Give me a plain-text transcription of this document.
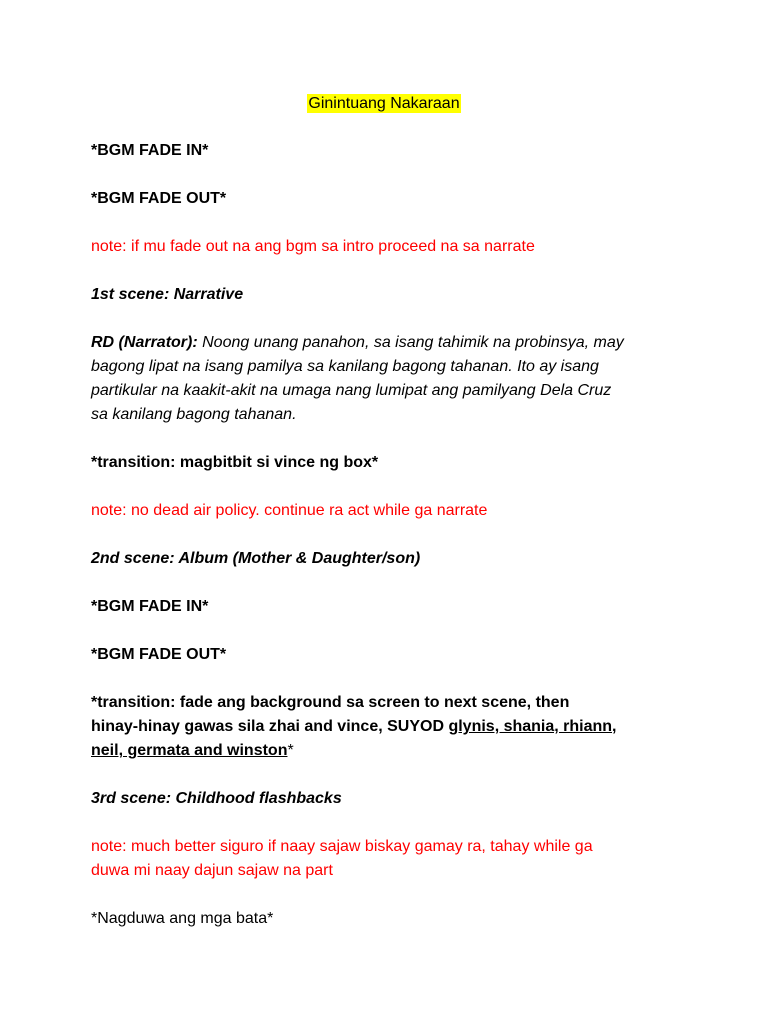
Ginintuang Nakaraan
*BGM FADE IN*
*BGM FADE OUT*
note: if mu fade out na ang bgm sa intro proceed na sa narrate
1st scene: Narrative
RD (Narrator): Noong unang panahon, sa isang tahimik na probinsya, may
bagong lipat na isang pamilya sa kanilang bagong tahanan. Ito ay isang
partikular na kaakit-akit na umaga nang lumipat ang pamilyang Dela Cruz
sa kanilang bagong tahanan.
*transition: magbitbit si vince ng box*
note: no dead air policy. continue ra act while ga narrate
2nd scene: Album (Mother & Daughter/son)
*BGM FADE IN*
*BGM FADE OUT*
*transition: fade ang background sa screen to next scene, then
hinay-hinay gawas sila zhai and vince, SUYOD glynis, shania, rhiann,
neil, germata and winston*
3rd scene: Childhood flashbacks
note: much better siguro if naay sajaw biskay gamay ra, tahay while ga
duwa mi naay dajun sajaw na part
*Nagduwa ang mga bata*
